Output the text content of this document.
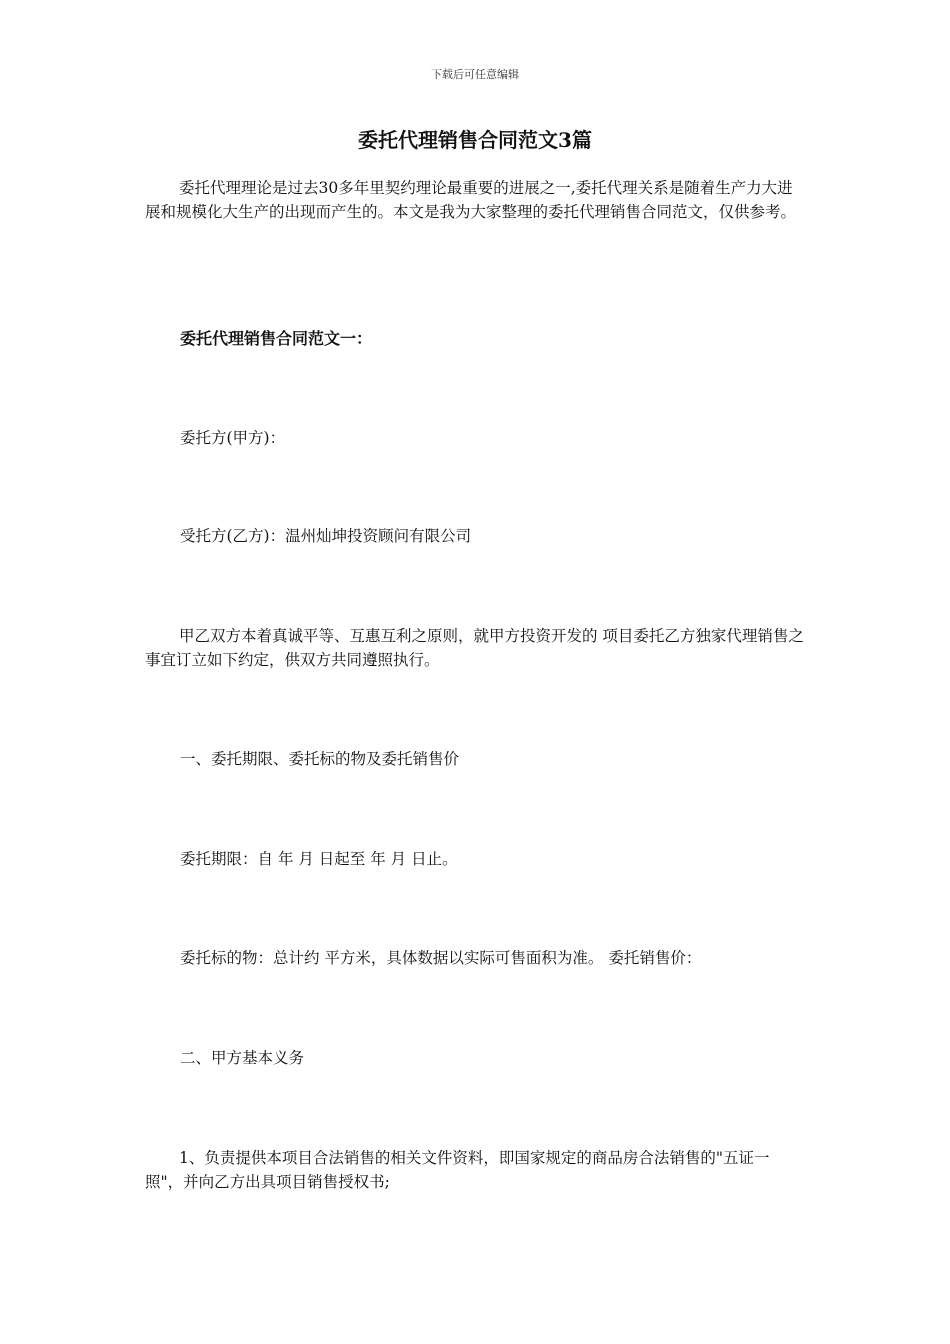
下载后可任意编辑
委托代理销售合同范文3篇

委托代理理论是过去30多年里契约理论最重要的进展之一,委托代理关系是随着生产力大进展和规模化大生产的出现而产生的。本文是我为大家整理的委托代理销售合同范文，仅供参考。

委托代理销售合同范文一：

委托方(甲方)：

受托方(乙方)：温州灿坤投资顾问有限公司

甲乙双方本着真诚平等、互惠互利之原则，就甲方投资开发的 项目委托乙方独家代理销售之事宜订立如下约定，供双方共同遵照执行。

一、委托期限、委托标的物及委托销售价

委托期限：自 年 月 日起至 年 月 日止。

委托标的物：总计约 平方米，具体数据以实际可售面积为准。 委托销售价：

二、甲方基本义务

1、负责提供本项目合法销售的相关文件资料，即国家规定的商品房合法销售的"五证一照"，并向乙方出具项目销售授权书;
